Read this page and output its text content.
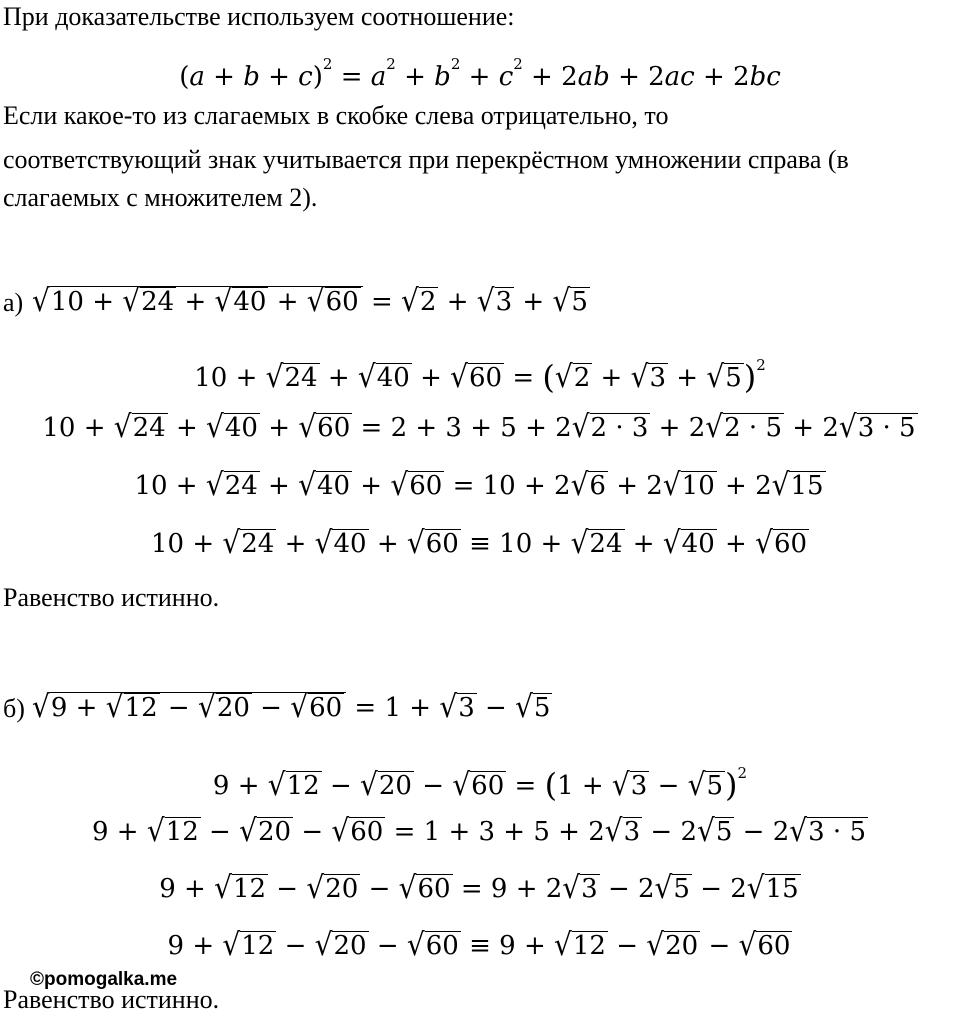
При доказательстве используем соотношение:
$(a + b + c)^2 = a^2 + b^2 + c^2 + 2ab + 2ac + 2bc$
Если какое-то из слагаемых в скобке слева отрицательно, то
соответствующий знак учитывается при перекрёстном умножении справа (в
слагаемых с множителем 2).
а) √10 + √24 + √40 + √60 = √2 + √3 + √5
$10 + √24 + √40 + √60 = (√2 + √3 + √5)^2$
10 + √24 + √40 + √60 = 2 + 3 + 5 + 2√2 · 3 + 2√2 · 5 + 2√3 · 5
10 + √24 + √40 + √60 = 10 + 2√6 + 2√10 + 2√15
10 + √24 + √40 + √60 ≡ 10 + √24 + √40 + √60
Равенство истинно.
б) √9 + √12 − √20 − √60 = 1 + √3 − √5
$9 + √12 - √20 - √60 = (1 + √3 - √5)^2$
9 + √12 − √20 − √60 = 1 + 3 + 5 + 2√3 − 2√5 − 2√3 · 5
9 + √12 − √20 − √60 = 9 + 2√3 − 2√5 − 2√15
9 + √12 − √20 − √60 ≡ 9 + √12 − √20 − √60
©pomogalka.me
Равенство истинно.
